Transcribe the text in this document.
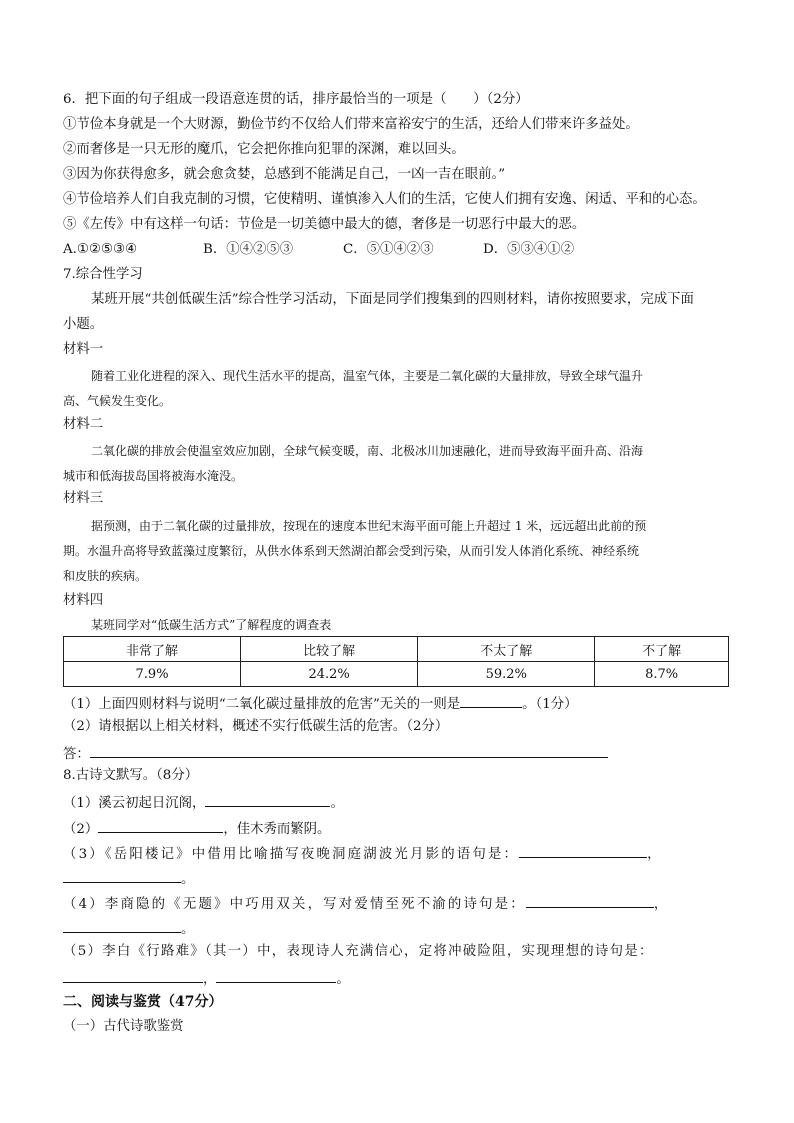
6．把下面的句子组成一段语意连贯的话，排序最恰当的一项是（　　）（2分）
①节俭本身就是一个大财源，勤俭节约不仅给人们带来富裕安宁的生活，还给人们带来许多益处。
②而奢侈是一只无形的魔爪，它会把你推向犯罪的深渊，难以回头。
③因为你获得愈多，就会愈贪婪，总感到不能满足自己，一凶一吉在眼前。”
④节俭培养人们自我克制的习惯，它使精明、谨慎渗入人们的生活，它使人们拥有安逸、闲适、平和的心态。
⑤《左传》中有这样一句话：节俭是一切美德中最大的德，奢侈是一切恶行中最大的恶。
A.①②⑤③④	B．①④②⑤③	C．⑤①④②③	D．⑤③④①②
7.综合性学习
某班开展“共创低碳生活”综合性学习活动，下面是同学们搜集到的四则材料，请你按照要求，完成下面
小题。
材料一
随着工业化进程的深入、现代生活水平的提高，温室气体，主要是二氧化碳的大量排放，导致全球气温升
高、气候发生变化。
材料二
二氧化碳的排放会使温室效应加剧，全球气候变暖，南、北极冰川加速融化，进而导致海平面升高、沿海
城市和低海拔岛国将被海水淹没。
材料三
据预测，由于二氧化碳的过量排放，按现在的速度本世纪末海平面可能上升超过 1 米，远远超出此前的预
期。水温升高将导致蓝藻过度繁衍，从供水体系到天然湖泊都会受到污染，从而引发人体消化系统、神经系统
和皮肤的疾病。
材料四
某班同学对“低碳生活方式”了解程度的调查表
非常了解	比较了解	不太了解	不了解
7.9%	24.2%	59.2%	8.7%
（1）上面四则材料与说明“二氧化碳过量排放的危害”无关的一则是	。（1分）
（2）请根据以上相关材料，概述不实行低碳生活的危害。（2分）
答：
8.古诗文默写。（8分）
（1）溪云初起日沉阁，	。
（2）	，佳木秀而繁阴。
（3）《岳阳楼记》中借用比喻描写夜晚洞庭湖波光月影的语句是：	，
。
（4）李商隐的《无题》中巧用双关，写对爱情至死不渝的诗句是：	，
。
（5）李白《行路难》（其一）中，表现诗人充满信心，定将冲破险阻，实现理想的诗句是：
，	。
二、阅读与鉴赏（47分）
（一）古代诗歌鉴赏
